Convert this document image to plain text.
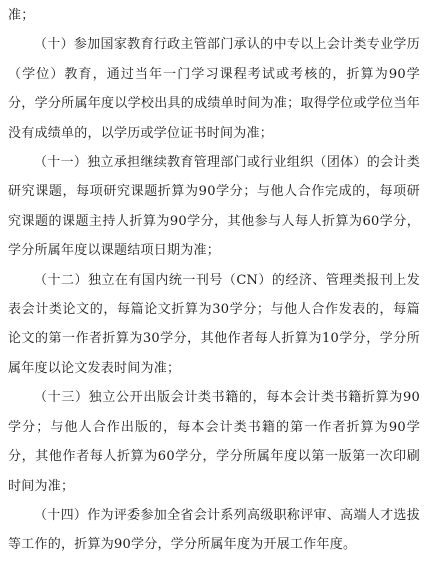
准；

（十）参加国家教育行政主管部门承认的中专以上会计类专业学历（学位）教育，通过当年一门学习课程考试或考核的，折算为90学分，学分所属年度以学校出具的成绩单时间为准；取得学位或学位当年没有成绩单的，以学历或学位证书时间为准；

（十一）独立承担继续教育管理部门或行业组织（团体）的会计类研究课题，每项研究课题折算为90学分；与他人合作完成的，每项研究课题的课题主持人折算为90学分，其他参与人每人折算为60学分，学分所属年度以课题结项日期为准；

（十二）独立在有国内统一刊号（CN）的经济、管理类报刊上发表会计类论文的，每篇论文折算为30学分；与他人合作发表的，每篇论文的第一作者折算为30学分，其他作者每人折算为10学分，学分所属年度以论文发表时间为准；

（十三）独立公开出版会计类书籍的，每本会计类书籍折算为90学分；与他人合作出版的，每本会计类书籍的第一作者折算为90学分，其他作者每人折算为60学分，学分所属年度以第一版第一次印刷时间为准；

（十四）作为评委参加全省会计系列高级职称评审、高端人才选拔等工作的，折算为90学分，学分所属年度为开展工作年度。
